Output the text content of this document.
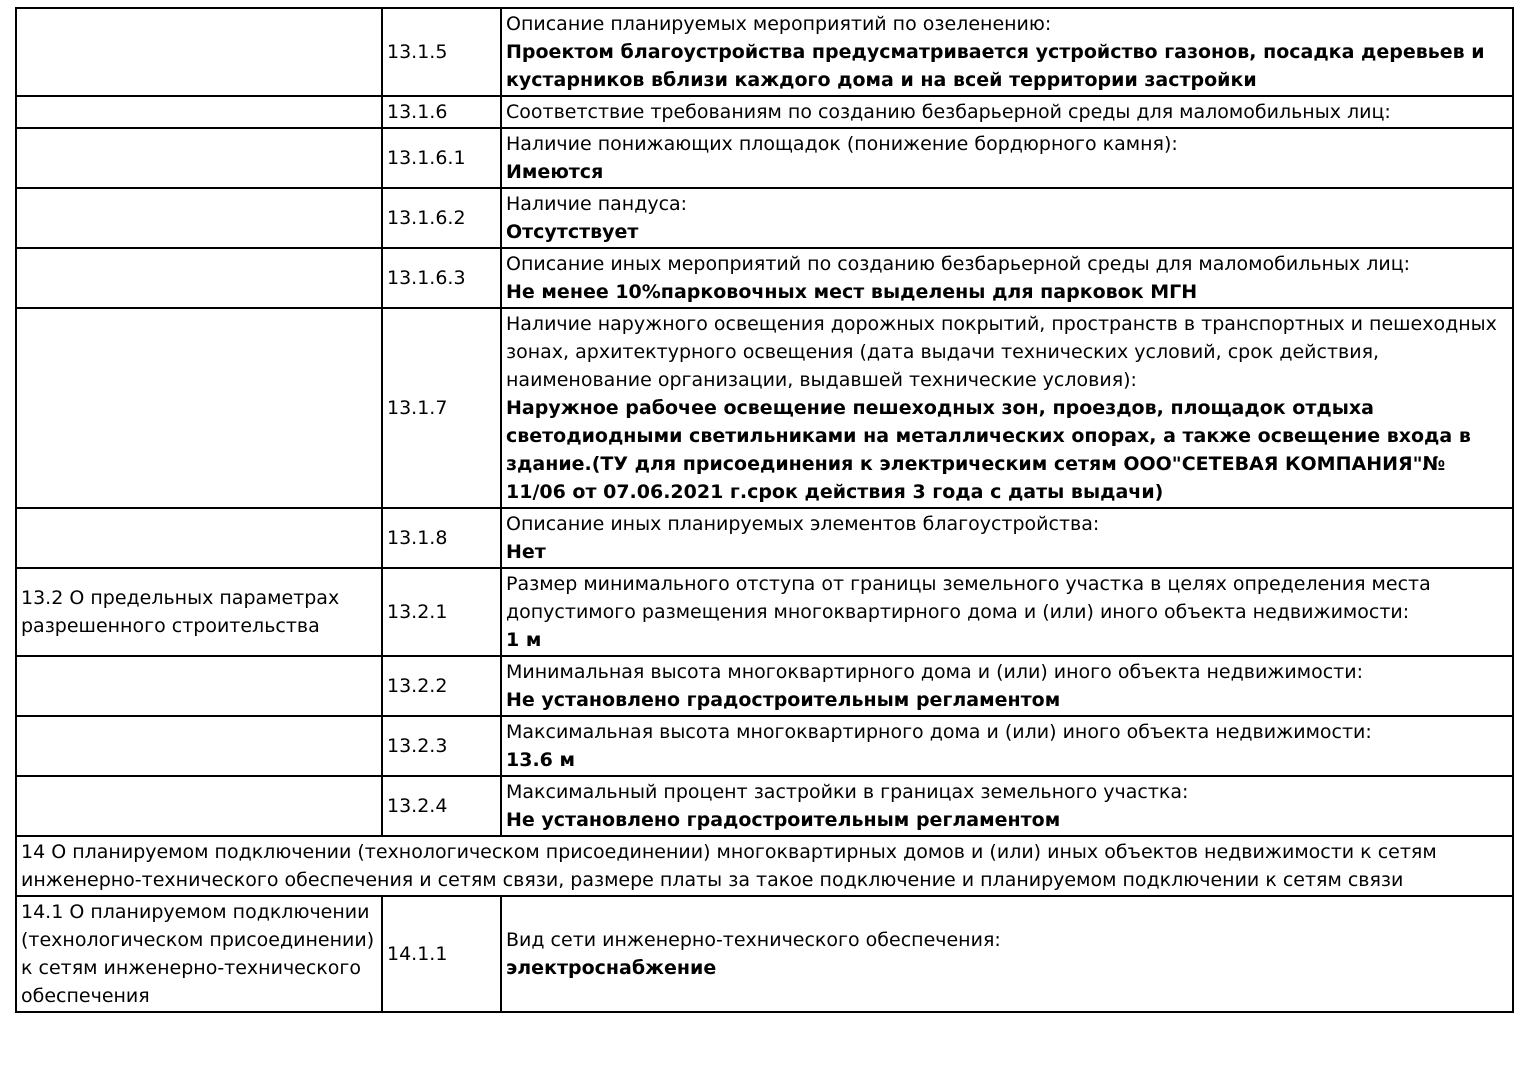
	13.1.5	Описание планируемых мероприятий по озеленению:
Проектом благоустройства предусматривается устройство газонов, посадка деревьев и кустарников вблизи каждого дома и на всей территории застройки

	13.1.6	Соответствие требованиям по созданию безбарьерной среды для маломобильных лиц:

	13.1.6.1	Наличие понижающих площадок (понижение бордюрного камня):
Имеются

	13.1.6.2	Наличие пандуса:
Отсутствует

	13.1.6.3	Описание иных мероприятий по созданию безбарьерной среды для маломобильных лиц:
Не менее 10%парковочных мест выделены для парковок МГН

	13.1.7	Наличие наружного освещения дорожных покрытий, пространств в транспортных и пешеходных зонах, архитектурного освещения (дата выдачи технических условий, срок действия, наименование организации, выдавшей технические условия):
Наружное рабочее освещение пешеходных зон, проездов, площадок отдыха светодиодными светильниками на металлических опорах, а также освещение входа в здание.(ТУ для присоединения к электрическим сетям ООО"СЕТЕВАЯ КОМПАНИЯ"№ 11/06 от 07.06.2021 г.срок действия 3 года с даты выдачи)

	13.1.8	Описание иных планируемых элементов благоустройства:
Нет

13.2 О предельных параметрах разрешенного строительства	13.2.1	Размер минимального отступа от границы земельного участка в целях определения места допустимого размещения многоквартирного дома и (или) иного объекта недвижимости:
1 м

	13.2.2	Минимальная высота многоквартирного дома и (или) иного объекта недвижимости:
Не установлено градостроительным регламентом

	13.2.3	Максимальная высота многоквартирного дома и (или) иного объекта недвижимости:
13.6 м

	13.2.4	Максимальный процент застройки в границах земельного участка:
Не установлено градостроительным регламентом

14 О планируемом подключении (технологическом присоединении) многоквартирных домов и (или) иных объектов недвижимости к сетям инженерно-технического обеспечения и сетям связи, размере платы за такое подключение и планируемом подключении к сетям связи		
14.1 О планируемом подключении (технологическом присоединении) к сетям инженерно-технического обеспечения	14.1.1	Вид сети инженерно-технического обеспечения:
электроснабжение
